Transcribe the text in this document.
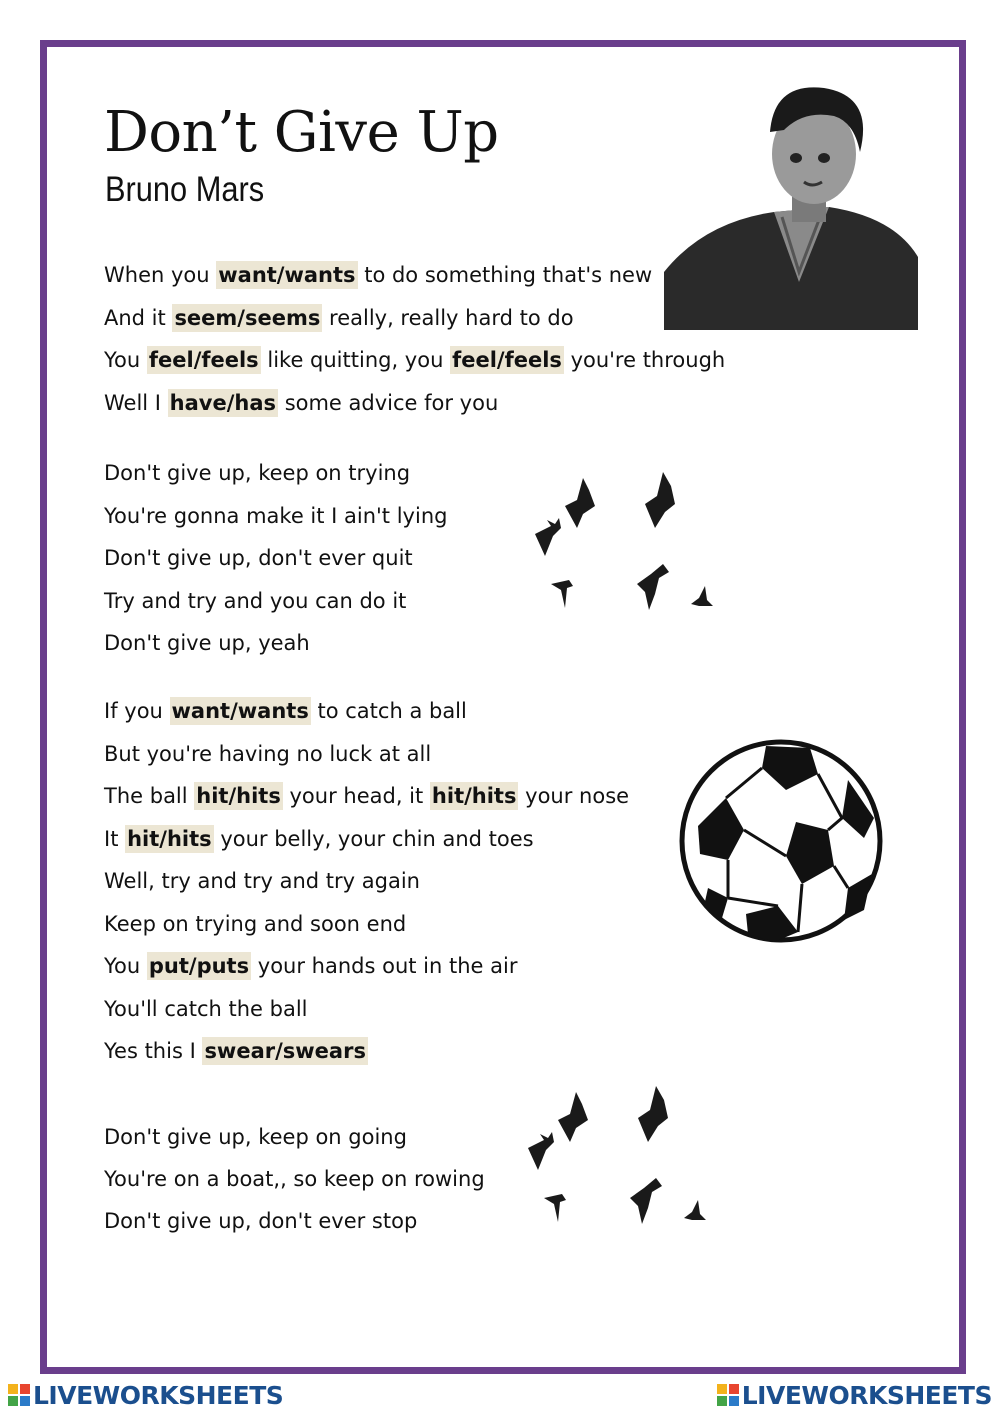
Don’t Give Up
Bruno Mars
When you want/wants to do something that's new
And it seem/seems really, really hard to do
You feel/feels like quitting, you feel/feels you're through
Well I have/has some advice for you
Don't give up, keep on trying
You're gonna make it I ain't lying
Don't give up, don't ever quit
Try and try and you can do it
Don't give up, yeah
If you want/wants to catch a ball
But you're having no luck at all
The ball hit/hits your head, it hit/hits your nose
It hit/hits your belly, your chin and toes
Well, try and try and try again
Keep on trying and soon end
You put/puts your hands out in the air
You'll catch the ball
Yes this I swear/swears
Don't give up, keep on going
You're on a boat,, so keep on rowing
Don't give up, don't ever stop
LIVEWORKSHEETS	LIVEWORKSHEETS
